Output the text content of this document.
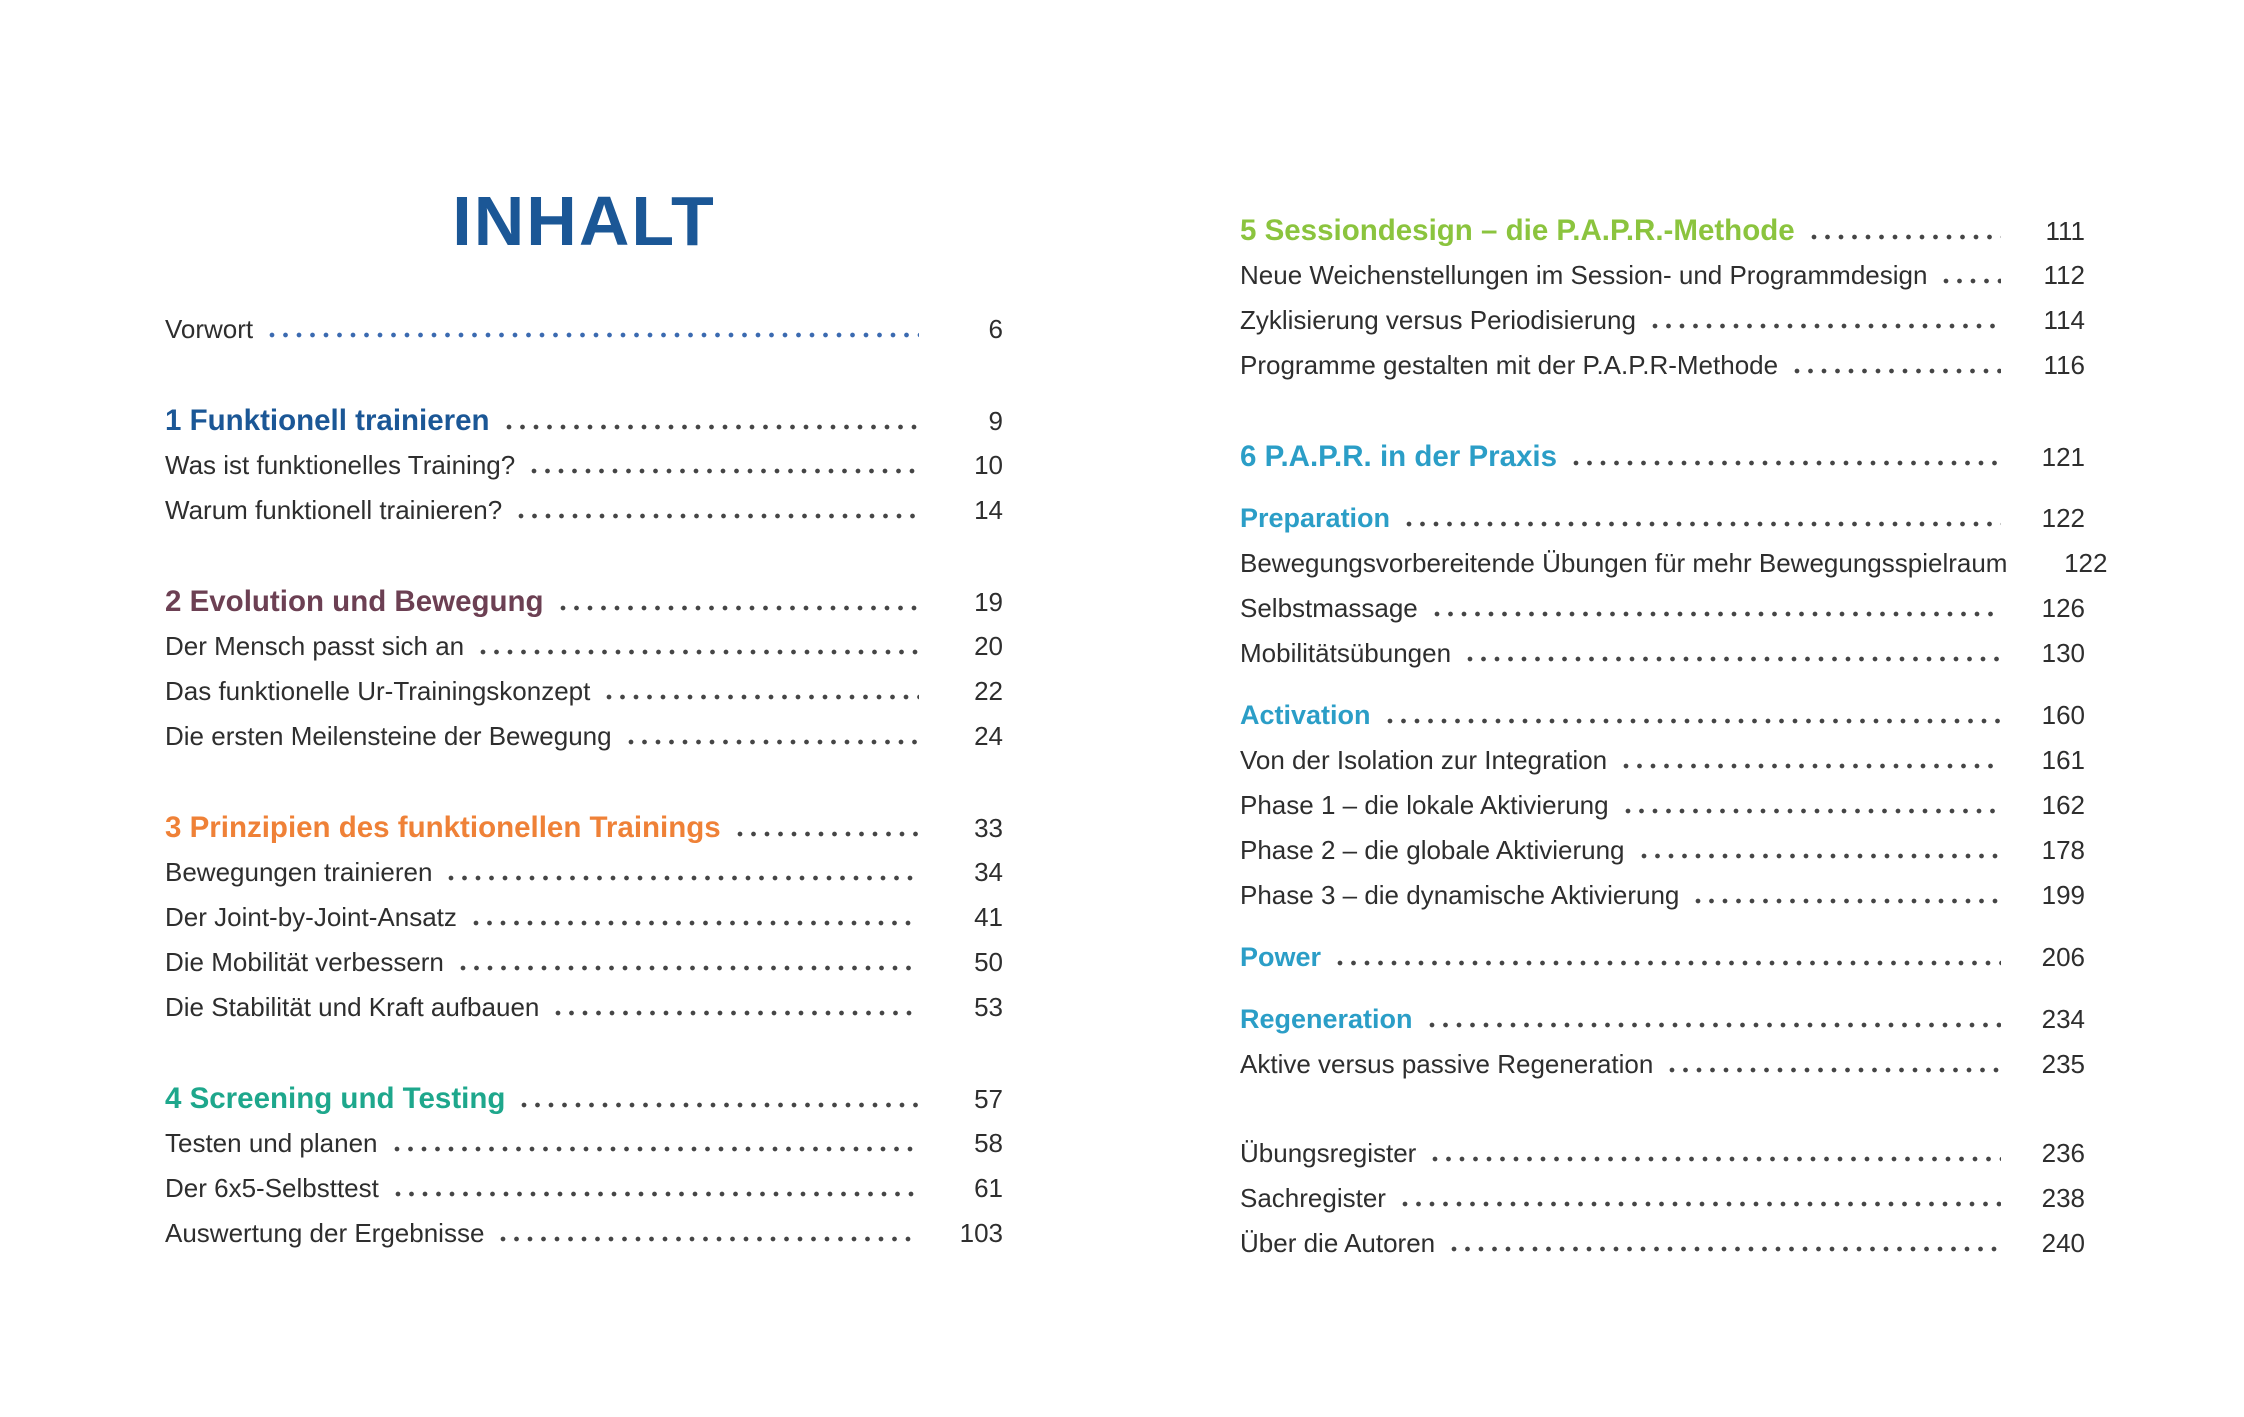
INHALT
Vorwort	6
1 Funktionell trainieren	9
Was ist funktionelles Training?	10
Warum funktionell trainieren?	14
2 Evolution und Bewegung	19
Der Mensch passt sich an	20
Das funktionelle Ur-Trainingskonzept	22
Die ersten Meilensteine der Bewegung	24
3 Prinzipien des funktionellen Trainings	33
Bewegungen trainieren	34
Der Joint-by-Joint-Ansatz	41
Die Mobilität verbessern	50
Die Stabilität und Kraft aufbauen	53
4 Screening und Testing	57
Testen und planen	58
Der 6x5-Selbsttest	61
Auswertung der Ergebnisse	103
5 Sessiondesign – die P.A.P.R.-Methode	111
Neue Weichenstellungen im Session- und Programmdesign	112
Zyklisierung versus Periodisierung	114
Programme gestalten mit der P.A.P.R-Methode	116
6 P.A.P.R. in der Praxis	121
Preparation	122
Bewegungsvorbereitende Übungen für mehr Bewegungsspielraum	122
Selbstmassage	126
Mobilitätsübungen	130
Activation	160
Von der Isolation zur Integration	161
Phase 1 – die lokale Aktivierung	162
Phase 2 – die globale Aktivierung	178
Phase 3 – die dynamische Aktivierung	199
Power	206
Regeneration	234
Aktive versus passive Regeneration	235
Übungsregister	236
Sachregister	238
Über die Autoren	240
